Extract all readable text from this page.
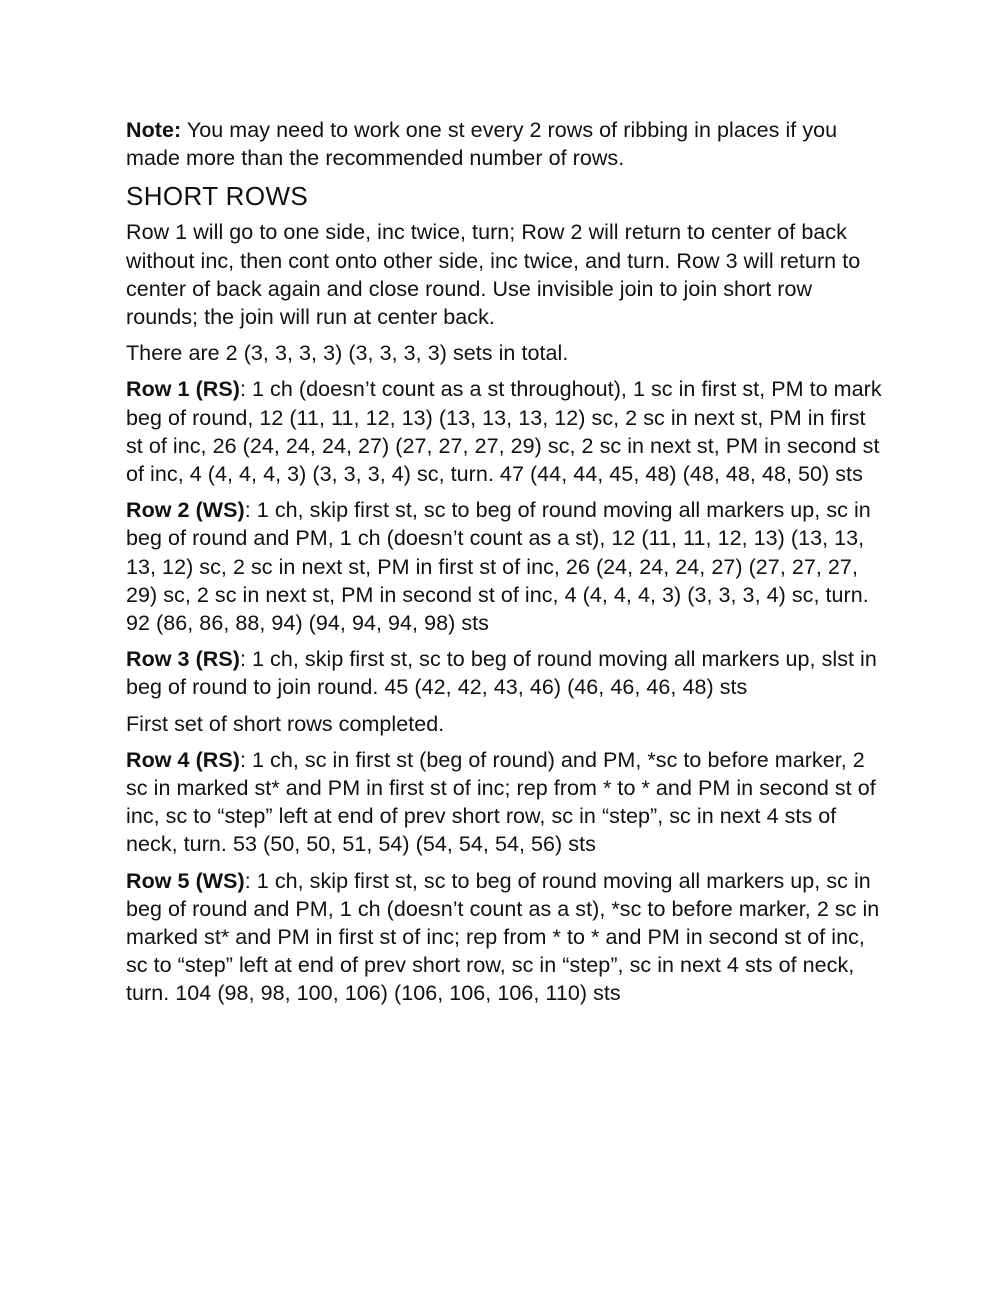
Note: You may need to work one st every 2 rows of ribbing in places if you made more than the recommended number of rows.

SHORT ROWS

Row 1 will go to one side, inc twice, turn; Row 2 will return to center of back without inc, then cont onto other side, inc twice, and turn. Row 3 will return to center of back again and close round. Use invisible join to join short row rounds; the join will run at center back.

There are 2 (3, 3, 3, 3) (3, 3, 3, 3) sets in total.

Row 1 (RS): 1 ch (doesn’t count as a st throughout), 1 sc in first st, PM to mark beg of round, 12 (11, 11, 12, 13) (13, 13, 13, 12) sc, 2 sc in next st, PM in first st of inc, 26 (24, 24, 24, 27) (27, 27, 27, 29) sc, 2 sc in next st, PM in second st of inc, 4 (4, 4, 4, 3) (3, 3, 3, 4) sc, turn. 47 (44, 44, 45, 48) (48, 48, 48, 50) sts

Row 2 (WS): 1 ch, skip first st, sc to beg of round moving all markers up, sc in beg of round and PM, 1 ch (doesn’t count as a st), 12 (11, 11, 12, 13) (13, 13, 13, 12) sc, 2 sc in next st, PM in first st of inc, 26 (24, 24, 24, 27) (27, 27, 27, 29) sc, 2 sc in next st, PM in second st of inc, 4 (4, 4, 4, 3) (3, 3, 3, 4) sc, turn. 92 (86, 86, 88, 94) (94, 94, 94, 98) sts

Row 3 (RS): 1 ch, skip first st, sc to beg of round moving all markers up, slst in beg of round to join round. 45 (42, 42, 43, 46) (46, 46, 46, 48) sts

First set of short rows completed.

Row 4 (RS): 1 ch, sc in first st (beg of round) and PM, *sc to before marker, 2 sc in marked st* and PM in first st of inc; rep from * to * and PM in second st of inc, sc to “step” left at end of prev short row, sc in “step”, sc in next 4 sts of neck, turn. 53 (50, 50, 51, 54) (54, 54, 54, 56) sts

Row 5 (WS): 1 ch, skip first st, sc to beg of round moving all markers up, sc in beg of round and PM, 1 ch (doesn’t count as a st), *sc to before marker, 2 sc in marked st* and PM in first st of inc; rep from * to * and PM in second st of inc, sc to “step” left at end of prev short row, sc in “step”, sc in next 4 sts of neck, turn. 104 (98, 98, 100, 106) (106, 106, 106, 110) sts
